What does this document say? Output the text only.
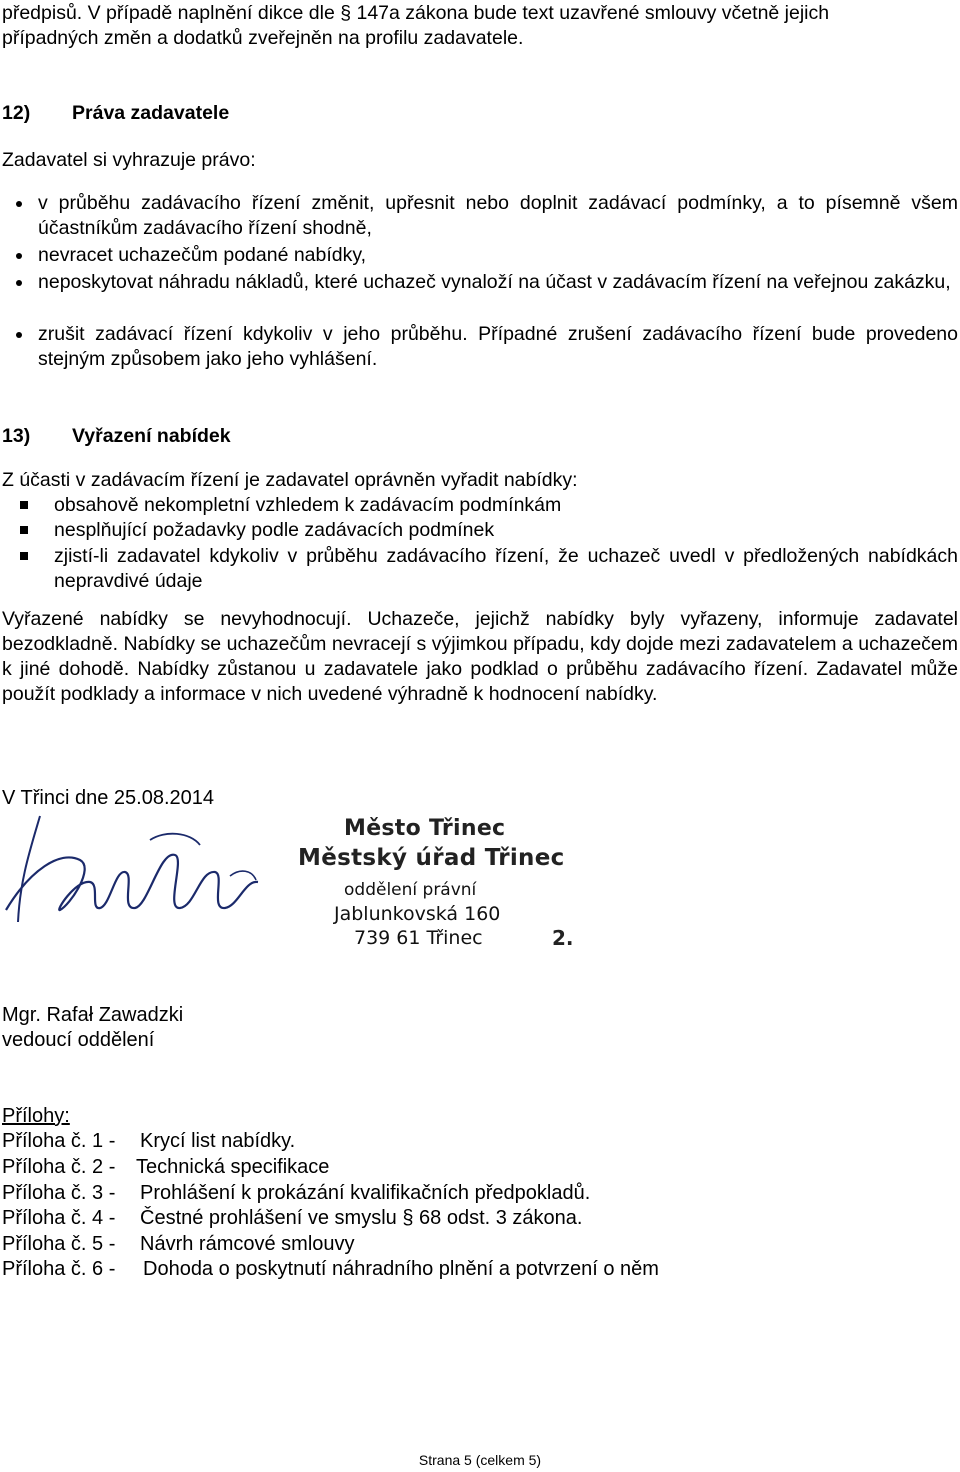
předpisů. V případě naplnění dikce dle § 147a zákona bude text uzavřené smlouvy včetně jejich
případných změn a dodatků zveřejněn na profilu zadavatele.
12) Práva zadavatele
Zadavatel si vyhrazuje právo:
v průběhu zadávacího řízení změnit, upřesnit nebo doplnit zadávací podmínky, a to písemně všem účastníkům zadávacího řízení shodně,
nevracet uchazečům podané nabídky,
neposkytovat náhradu nákladů, které uchazeč vynaloží na účast v zadávacím řízení na veřejnou zakázku,
zrušit zadávací řízení kdykoliv v jeho průběhu. Případné zrušení zadávacího řízení bude provedeno stejným způsobem jako jeho vyhlášení.
13) Vyřazení nabídek
Z účasti v zadávacím řízení je zadavatel oprávněn vyřadit nabídky:
obsahově nekompletní vzhledem k zadávacím podmínkám
nesplňující požadavky podle zadávacích podmínek
zjistí-li zadavatel kdykoliv v průběhu zadávacího řízení, že uchazeč uvedl v předložených nabídkách nepravdivé údaje
Vyřazené nabídky se nevyhodnocují. Uchazeče, jejichž nabídky byly vyřazeny, informuje zadavatel bezodkladně. Nabídky se uchazečům nevracejí s výjimkou případu, kdy dojde mezi zadavatelem a uchazečem k jiné dohodě. Nabídky zůstanou u zadavatele jako podklad o průběhu zadávacího řízení. Zadavatel může použít podklady a informace v nich uvedené výhradně k hodnocení nabídky.
V Třinci dne 25.08.2014
Město Třinec
Městský úřad Třinec
oddělení právní
Jablunkovská 160
739 61 Třinec	2.
Mgr. Rafał Zawadzki
vedoucí oddělení
Přílohy:
Příloha č. 1 - Krycí list nabídky.
Příloha č. 2 - Technická specifikace
Příloha č. 3 - Prohlášení k prokázání kvalifikačních předpokladů.
Příloha č. 4 - Čestné prohlášení ve smyslu § 68 odst. 3 zákona.
Příloha č. 5 - Návrh rámcové smlouvy
Příloha č. 6 - Dohoda o poskytnutí náhradního plnění a potvrzení o něm
Strana 5 (celkem 5)
